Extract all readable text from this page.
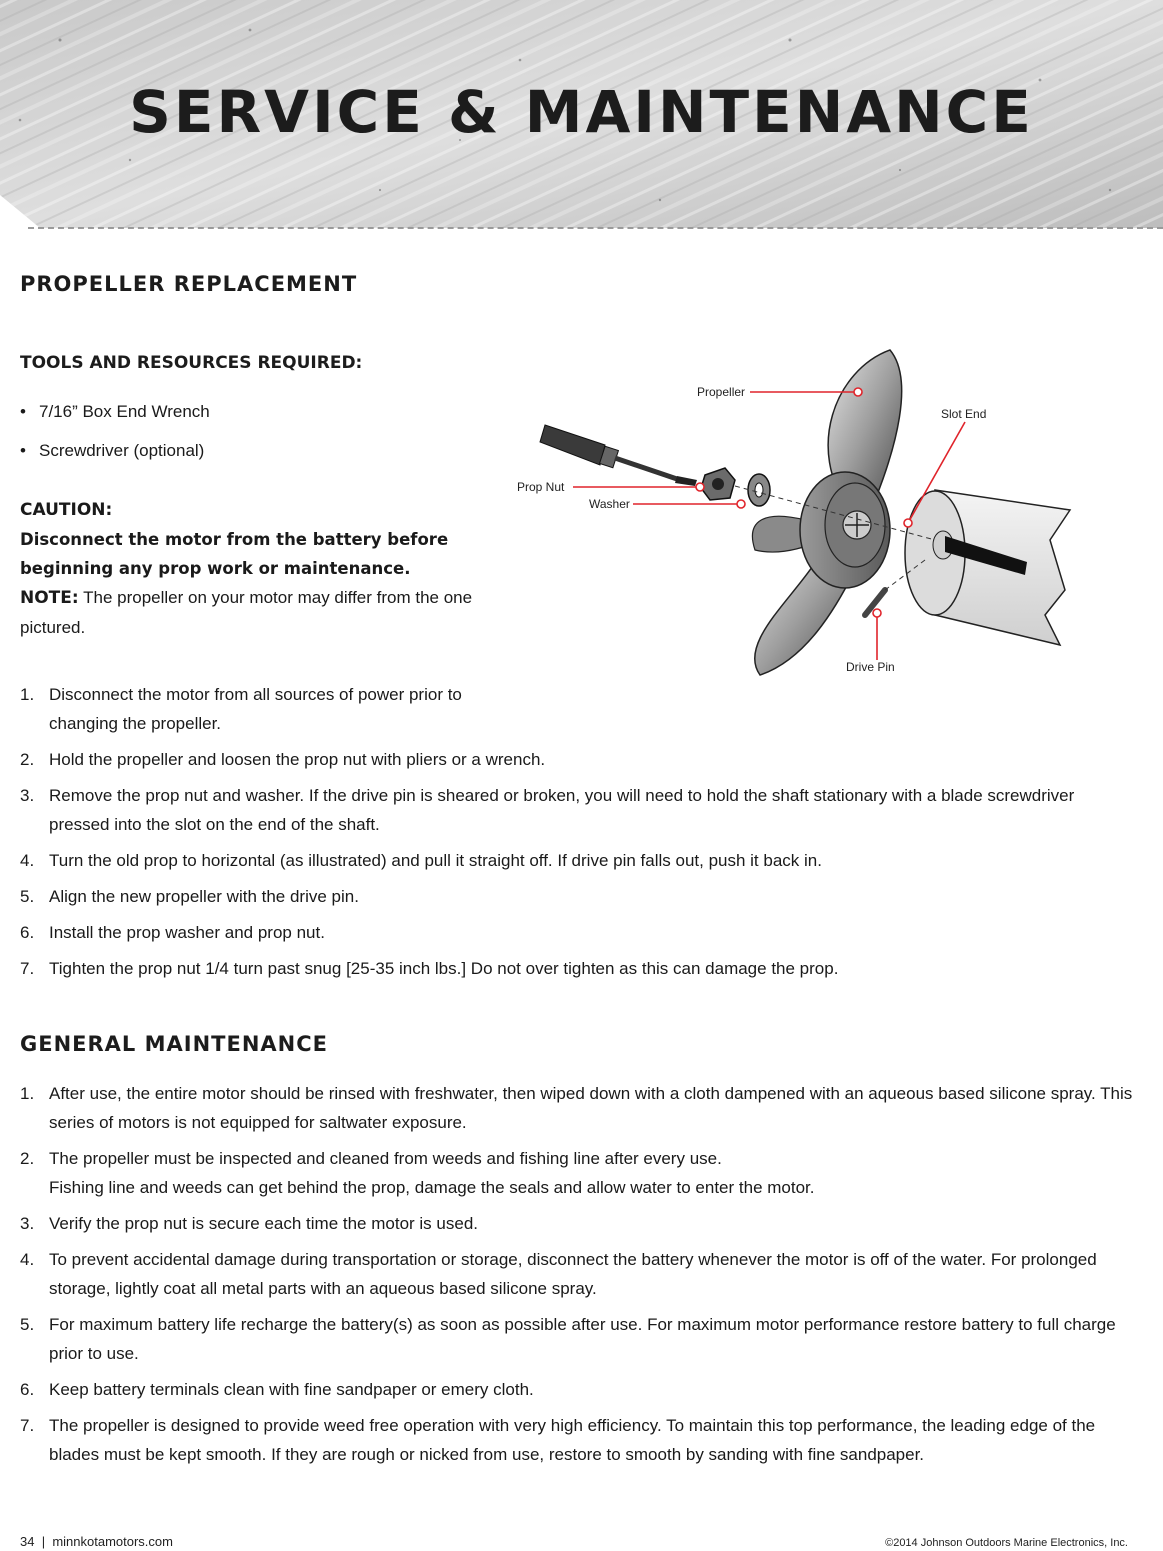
SERVICE & MAINTENANCE
PROPELLER REPLACEMENT
TOOLS AND RESOURCES REQUIRED:
• 7/16” Box End Wrench
• Screwdriver (optional)
CAUTION:
Disconnect the motor from the battery before beginning any prop work or maintenance.
NOTE: The propeller on your motor may differ from the one pictured.
Propeller
Slot End
Prop Nut
Washer
Drive Pin
1. Disconnect the motor from all sources of power prior to changing the propeller.
2. Hold the propeller and loosen the prop nut with pliers or a wrench.
3. Remove the prop nut and washer. If the drive pin is sheared or broken, you will need to hold the shaft stationary with a blade screwdriver pressed into the slot on the end of the shaft.
4. Turn the old prop to horizontal (as illustrated) and pull it straight off. If drive pin falls out, push it back in.
5. Align the new propeller with the drive pin.
6. Install the prop washer and prop nut.
7. Tighten the prop nut 1/4 turn past snug [25-35 inch lbs.] Do not over tighten as this can damage the prop.
GENERAL MAINTENANCE
1. After use, the entire motor should be rinsed with freshwater, then wiped down with a cloth dampened with an aqueous based silicone spray. This series of motors is not equipped for saltwater exposure.
2. The propeller must be inspected and cleaned from weeds and fishing line after every use.
Fishing line and weeds can get behind the prop, damage the seals and allow water to enter the motor.
3. Verify the prop nut is secure each time the motor is used.
4. To prevent accidental damage during transportation or storage, disconnect the battery whenever the motor is off of the water. For prolonged storage, lightly coat all metal parts with an aqueous based silicone spray.
5. For maximum battery life recharge the battery(s) as soon as possible after use. For maximum motor performance restore battery to full charge prior to use.
6. Keep battery terminals clean with fine sandpaper or emery cloth.
7. The propeller is designed to provide weed free operation with very high efficiency. To maintain this top performance, the leading edge of the blades must be kept smooth. If they are rough or nicked from use, restore to smooth by sanding with fine sandpaper.
34 | minnkotamotors.com	©2014 Johnson Outdoors Marine Electronics, Inc.
